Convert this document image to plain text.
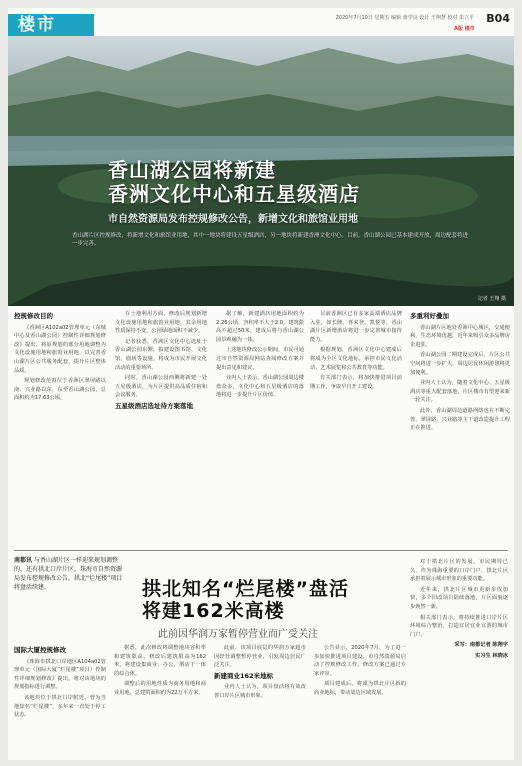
楼市	2020年7月10日 星期五 编辑 黄学良 设计 王翔慧 校对 朱立平
A版 楼市
B04
香山湖公园将新建
香洲文化中心和五星级酒店
市自然资源局发布控规修改公告，新增文化和旅馆业用地
香山湖片区控规修改，将新增文化和旅馆业用地，其中一地块将建设五星级酒店，另一地块将新建香洲文化中心。目前，香山湖公园已基本建成开放，周边配套将进一步完善。
记者 王翔 摄
控规修改目的

《香洲区A102a02管理单元（东城中心及香山湖公园）控制性详细规划修改》提出，将原规划的部分用地调整为文化设施用地和旅馆业用地，以完善香山湖片区公共服务配套，提升片区整体品质。

规划修改范围位于香洲区翠屏路以南、兴业路以东，东至香山湖公园，总面积约为17.63公顷。

在土地利用方面，修改后规划新增文化设施用地和旅馆业用地，其余用地性质保持不变，公园绿地面积不减少。

记者获悉，香洲区文化中心选址于香山湖公园东侧，拟建设图书馆、文化馆、剧场等设施，将成为市民开展文化活动的重要场所。

同时，香山湖公园西侧将新建一处五星级酒店，为片区提供高品质住宿和会议服务。

五星级酒店选址待方案落地

据了解，新建酒店用地面积约为2.26公顷，容积率不大于2.0，建筑限高不超过50米，建成后将与香山湖公园景观融为一体。

上述地块修改公示期间，市民可通过市自然资源局网站查阅修改方案并提出意见和建议。

业内人士表示，香山湖公园周边楼盘众多，文化中心和五星级酒店的落地将进一步提升片区价值。

目前香洲区已有多家高端酒店品牌入驻，如长隆、喜来登、凯悦等，香山湖片区新增酒店将进一步完善城市接待能力。

根据规划，香洲区文化中心建成后将成为全区文化地标，承担市民文化活动、艺术展览和公共教育等功能。

有关部门表示，将加快推进项目前期工作，争取早日开工建设。

多重利好叠加

香山湖片区地处香洲中心城区，交通便利，生态环境优越，近年来吸引众多品牌房企进驻。

香山湖公园二期建设完成后，片区公共空间将进一步扩大，周边居民休闲游憩将更加便利。

业内人士认为，随着文化中心、五星级酒店等重大配套落地，片区楼市有望迎来新一轮关注。

此外，香山湖周边道路网络也在不断完善，翠屏路、兴业路等主干道改造提升工程正在推进。

南都讯 与香山湖片区一样迎来规划调整的，还有拱北口岸片区。珠海市自然资源局发布控规修改公告，拱北“烂尾楼”项目将盘活续建。	拱北知名“烂尾楼”盘活
将建162米高楼
此前因华润万家暂停营业而广受关注

对于拱北片区的发展，市民期待已久。作为珠海重要的口岸门户，拱北片区承担着展示城市形象的重要功能。

近年来，拱北片区城市更新步伐加快，多个旧改项目陆续落地，片区面貌逐步焕然一新。

相关部门表示，将持续推进口岸片区环境综合整治，打造宜居宜业宜游的城市门户。

采写：南都记者 陈翔宇

实习生 林晓冰

国际大厦控规修改

《珠海市拱北口岸地区A104a02管理单元（国际大厦“烂尾楼”项目）控制性详细规划修改》提出，将对该地块的规划指标进行调整。

该地块位于拱北口岸附近，曾为当地知名“烂尾楼”，多年来一直处于停工状态。

据悉，此次修改将调整地块容积率和建筑限高，修改后建筑限高为162米，将建设集商业、办公、酒店于一体的综合体。

调整后的用地性质为商务用地和商业用地，总建筑面积约为22万平方米。

此前，该项目底层的华润万家超市因经营调整暂停营业，引发周边居民广泛关注。

新建商业162米地标

业内人士认为，项目盘活将有效改善口岸片区城市形象。

公告显示，2020年7月，为了进一步加快推进项目建设，市自然资源局启动了控规修改工作，修改方案已通过专家评审。

项目建成后，将成为拱北片区新的商业地标，带动周边区域发展。
